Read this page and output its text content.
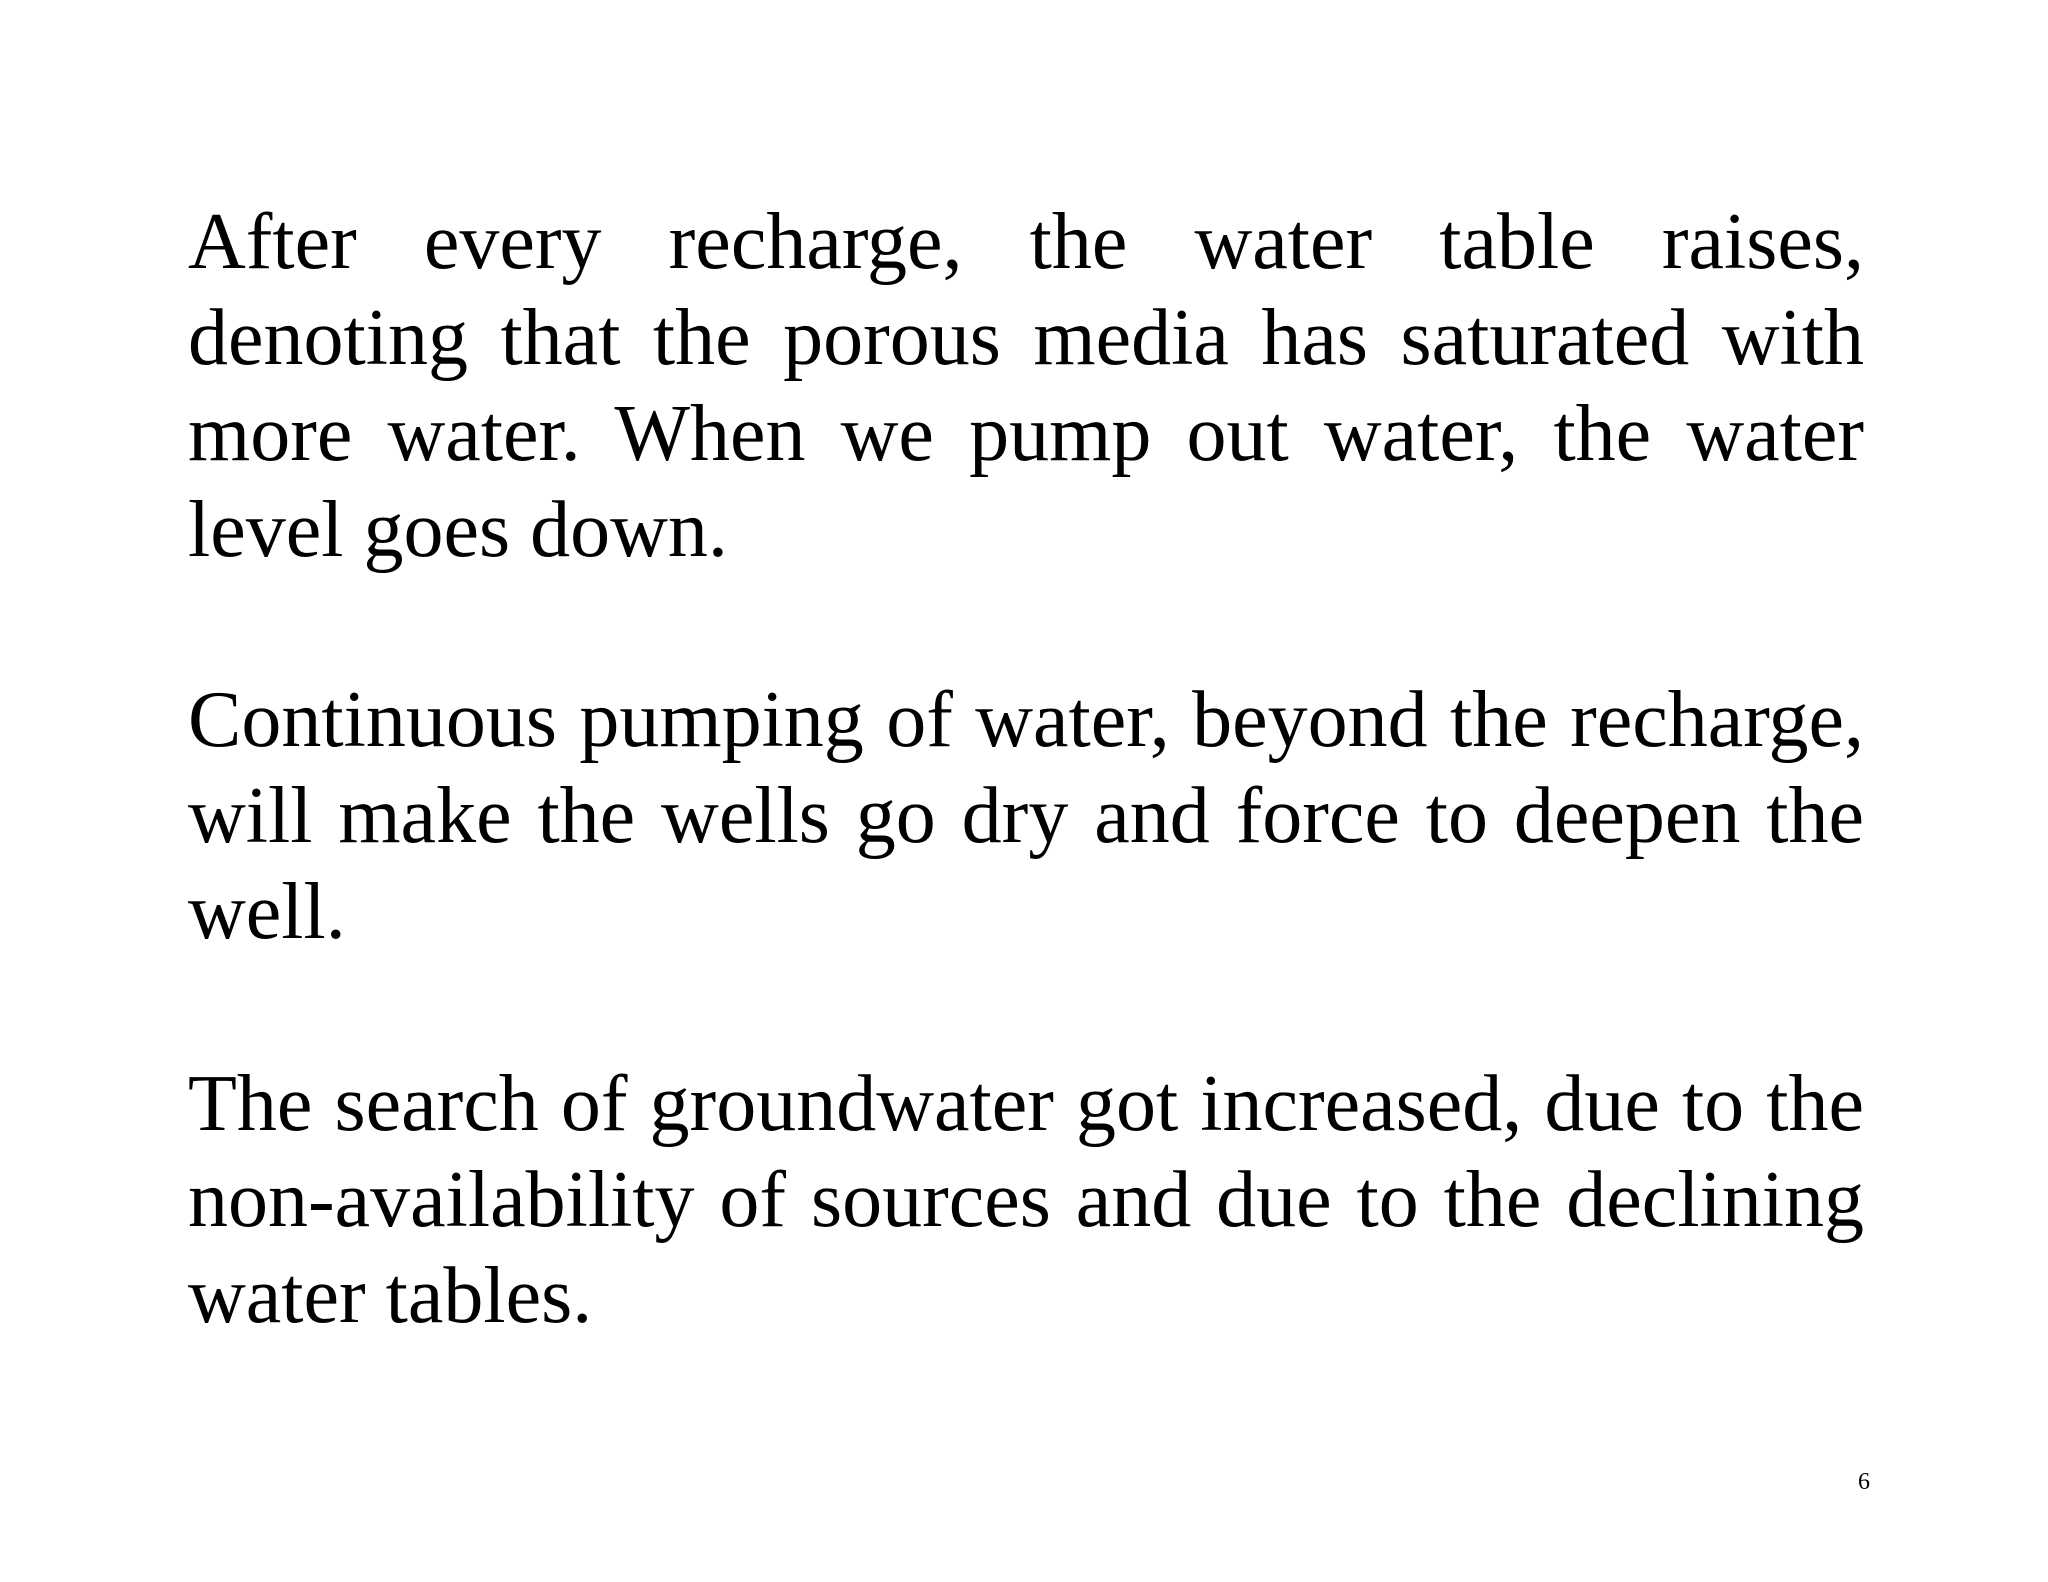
After every recharge, the water table raises, denoting that the porous media has saturated with more water. When we pump out water, the water level goes down.

Continuous pumping of water, beyond the recharge, will make the wells go dry and force to deepen the well.

The search of groundwater got increased, due to the non-availability of sources and due to the declining water tables.

6
